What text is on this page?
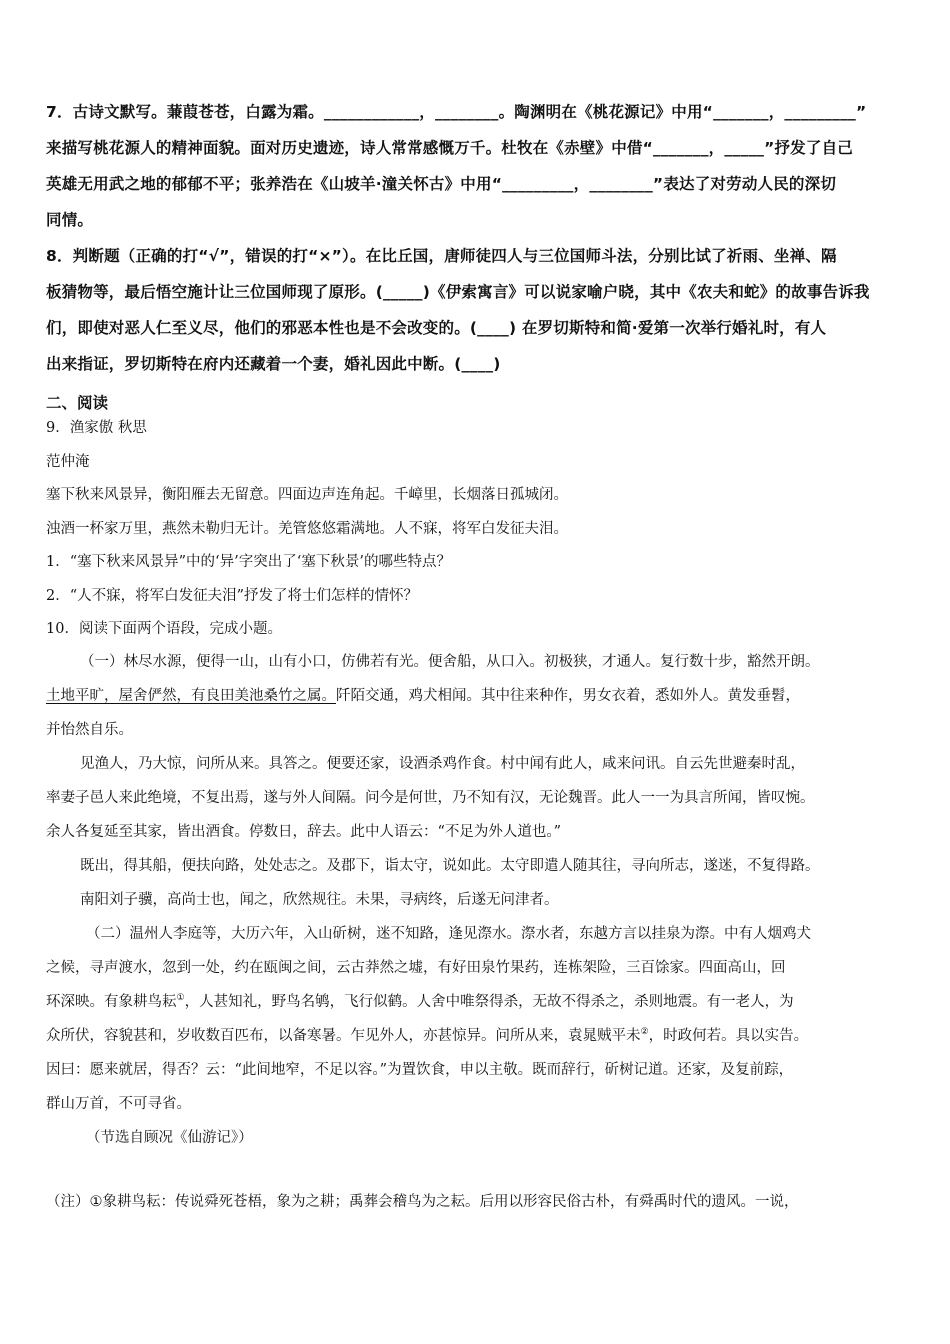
7．古诗文默写。蒹葭苍苍，白露为霜。____________，________。陶渊明在《桃花源记》中用“_______，_________”

来描写桃花源人的精神面貌。面对历史遗迹，诗人常常感慨万千。杜牧在《赤壁》中借“_______，_____”抒发了自己

英雄无用武之地的郁郁不平；张养浩在《山坡羊·潼关怀古》中用“_________，________”表达了对劳动人民的深切

同情。

8．判断题（正确的打“√”，错误的打“×”）。在比丘国，唐师徒四人与三位国师斗法，分别比试了祈雨、坐禅、隔

板猜物等，最后悟空施计让三位国师现了原形。(_____)《伊索寓言》可以说家喻户晓，其中《农夫和蛇》的故事告诉我

们，即使对恶人仁至义尽，他们的邪恶本性也是不会改变的。(____) 在罗切斯特和简·爱第一次举行婚礼时，有人

出来指证，罗切斯特在府内还藏着一个妻，婚礼因此中断。(____)

二、阅读

9．渔家傲 秋思

范仲淹

塞下秋来风景异，衡阳雁去无留意。四面边声连角起。千嶂里，长烟落日孤城闭。

浊酒一杯家万里，燕然未勒归无计。羌管悠悠霜满地。人不寐，将军白发征夫泪。

1．“塞下秋来风景异”中的‘异’字突出了‘塞下秋景’的哪些特点？

2．“人不寐，将军白发征夫泪”抒发了将士们怎样的情怀？

10．阅读下面两个语段，完成小题。

（一）林尽水源，便得一山，山有小口，仿佛若有光。便舍船，从口入。初极狭，才通人。复行数十步，豁然开朗。

土地平旷，屋舍俨然，有良田美池桑竹之属。阡陌交通，鸡犬相闻。其中往来种作，男女衣着，悉如外人。黄发垂髫，

并怡然自乐。

见渔人，乃大惊，问所从来。具答之。便要还家，设酒杀鸡作食。村中闻有此人，咸来问讯。自云先世避秦时乱，

率妻子邑人来此绝境，不复出焉，遂与外人间隔。问今是何世，乃不知有汉，无论魏晋。此人一一为具言所闻，皆叹惋。

余人各复延至其家，皆出酒食。停数日，辞去。此中人语云：“不足为外人道也。”

既出，得其船，便扶向路，处处志之。及郡下，诣太守，说如此。太守即遣人随其往，寻向所志，遂迷，不复得路。

南阳刘子骥，高尚士也，闻之，欣然规往。未果，寻病终，后遂无问津者。

（二）温州人李庭等，大历六年，入山斫树，迷不知路，逢见漈水。漈水者，东越方言以挂泉为漈。中有人烟鸡犬

之候，寻声渡水，忽到一处，约在瓯闽之间，云古莽然之墟，有好田泉竹果药，连栋架险，三百馀家。四面高山，回

环深映。有象耕鸟耘①，人甚知礼，野鸟名鸲，飞行似鹤。人舍中唯祭得杀，无故不得杀之，杀则地震。有一老人，为

众所伏，容貌甚和，岁收数百匹布，以备寒暑。乍见外人，亦甚惊异。问所从来，袁晁贼平未②，时政何若。具以实告。

因曰：愿来就居，得否？云：“此间地窄，不足以容。”为置饮食，申以主敬。既而辞行，斫树记道。还家，及复前踪，

群山万首，不可寻省。

（节选自顾况《仙游记》）

（注）①象耕鸟耘：传说舜死苍梧，象为之耕；禹葬会稽鸟为之耘。后用以形容民俗古朴，有舜禹时代的遗风。一说，
